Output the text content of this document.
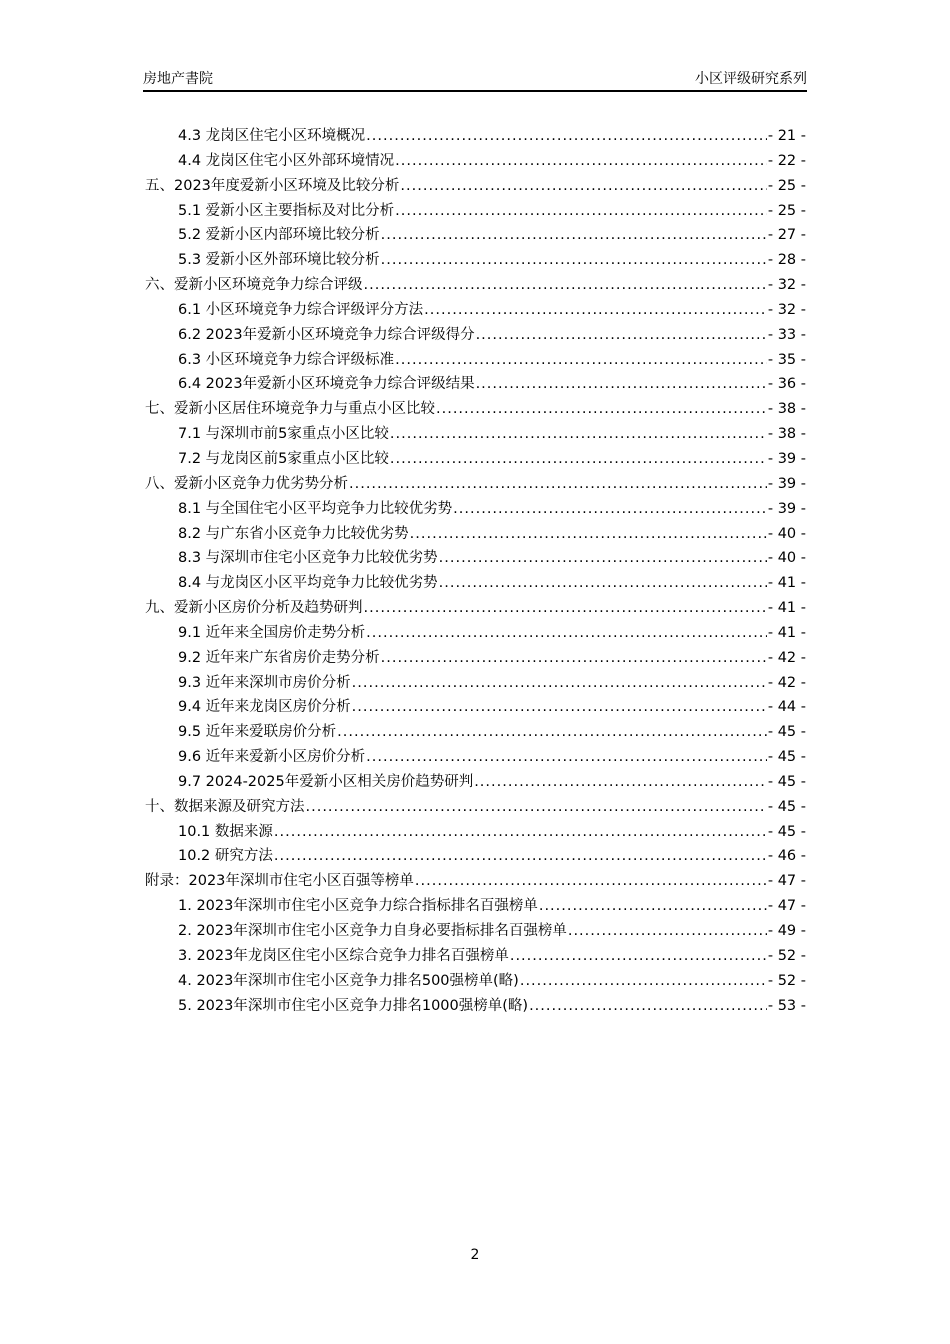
房地产書院	小区评级研究系列
4.3 龙岗区住宅小区环境概况 .....	- 21 -
4.4 龙岗区住宅小区外部环境情况 .....	- 22 -
五、2023年度爱新小区环境及比较分析 .....	- 25 -
5.1 爱新小区主要指标及对比分析 .....	- 25 -
5.2 爱新小区内部环境比较分析 .....	- 27 -
5.3 爱新小区外部环境比较分析 .....	- 28 -
六、爱新小区环境竞争力综合评级 .....	- 32 -
6.1 小区环境竞争力综合评级评分方法 .....	- 32 -
6.2 2023年爱新小区环境竞争力综合评级得分 .....	- 33 -
6.3 小区环境竞争力综合评级标准 .....	- 35 -
6.4 2023年爱新小区环境竞争力综合评级结果 .....	- 36 -
七、爱新小区居住环境竞争力与重点小区比较 .....	- 38 -
7.1 与深圳市前5家重点小区比较 .....	- 38 -
7.2 与龙岗区前5家重点小区比较 .....	- 39 -
八、爱新小区竞争力优劣势分析 .....	- 39 -
8.1 与全国住宅小区平均竞争力比较优劣势 .....	- 39 -
8.2 与广东省小区竞争力比较优劣势 .....	- 40 -
8.3 与深圳市住宅小区竞争力比较优劣势 .....	- 40 -
8.4 与龙岗区小区平均竞争力比较优劣势 .....	- 41 -
九、爱新小区房价分析及趋势研判 .....	- 41 -
9.1 近年来全国房价走势分析 .....	- 41 -
9.2 近年来广东省房价走势分析 .....	- 42 -
9.3 近年来深圳市房价分析 .....	- 42 -
9.4 近年来龙岗区房价分析 .....	- 44 -
9.5 近年来爱联房价分析 .....	- 45 -
9.6 近年来爱新小区房价分析 .....	- 45 -
9.7 2024-2025年爱新小区相关房价趋势研判 .....	- 45 -
十、数据来源及研究方法 .....	- 45 -
10.1 数据来源 .....	- 45 -
10.2 研究方法 .....	- 46 -
附录：2023年深圳市住宅小区百强等榜单 .....	- 47 -
1. 2023年深圳市住宅小区竞争力综合指标排名百强榜单 .....	- 47 -
2. 2023年深圳市住宅小区竞争力自身必要指标排名百强榜单 .....	- 49 -
3. 2023年龙岗区住宅小区综合竞争力排名百强榜单 .....	- 52 -
4. 2023年深圳市住宅小区竞争力排名500强榜单(略) .....	- 52 -
5. 2023年深圳市住宅小区竞争力排名1000强榜单(略) .....	- 53 -
2
